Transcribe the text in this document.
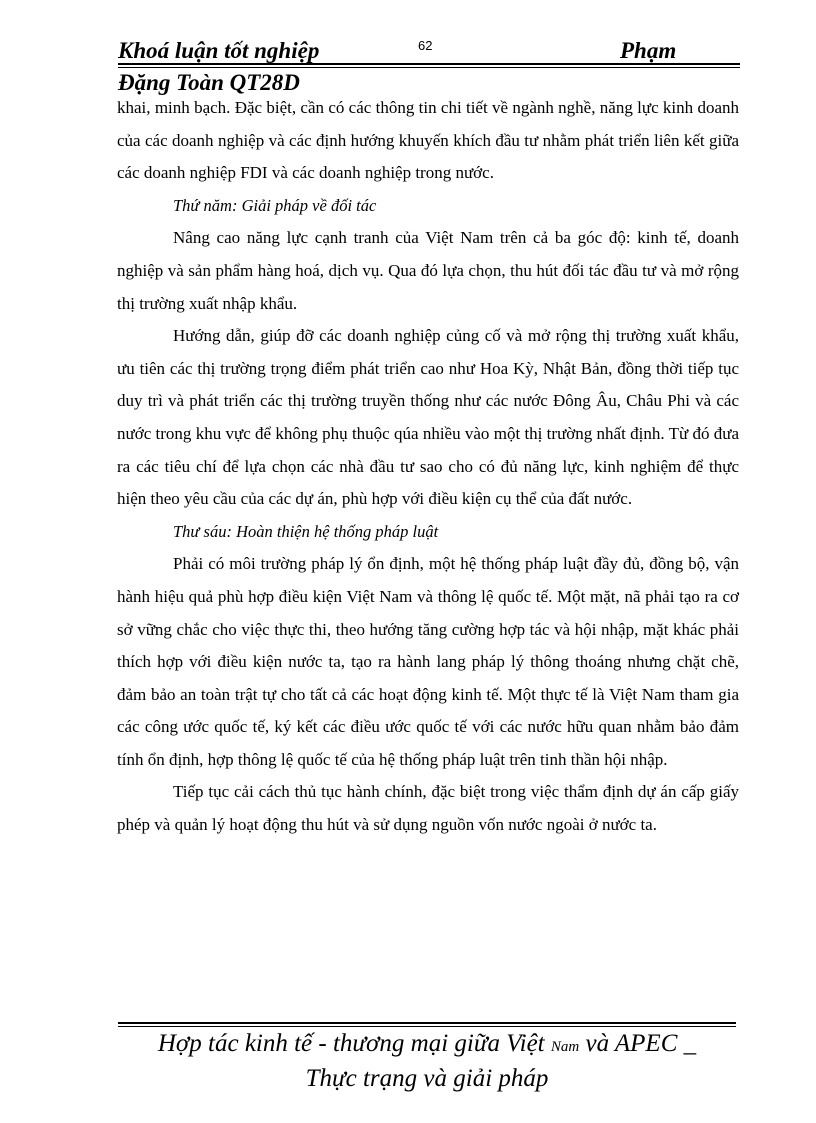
Khoá luận tốt nghiệp	62	Phạm
Đặng Toàn QT28D

khai, minh bạch. Đặc biệt, cần có các thông tin chi tiết về ngành nghề, năng lực kinh doanh của các doanh nghiệp và các định hướng khuyến khích đầu tư nhằm phát triển liên kết giữa các doanh nghiệp FDI và các doanh nghiệp trong nước.

Thứ năm: Giải pháp về đối tác

Nâng cao năng lực cạnh tranh của Việt Nam trên cả ba góc độ: kinh tế, doanh nghiệp và sản phẩm hàng hoá, dịch vụ. Qua đó lựa chọn, thu hút đối tác đầu tư và mở rộng thị trường xuất nhập khẩu.

Hướng dẫn, giúp đỡ các doanh nghiệp củng cố và mở rộng thị trường xuất khẩu, ưu tiên các thị trường trọng điểm phát triển cao như Hoa Kỳ, Nhật Bản, đồng thời tiếp tục duy trì và phát triển các thị trường truyền thống như các nước Đông Âu, Châu Phi và các nước trong khu vực để không phụ thuộc qúa nhiều vào một thị trường nhất định. Từ đó đưa ra các tiêu chí để lựa chọn các nhà đầu tư sao cho có đủ năng lực, kinh nghiệm để thực hiện theo yêu cầu của các dự án, phù hợp với điều kiện cụ thể của đất nước.

Thư sáu: Hoàn thiện hệ thống pháp luật

Phải có môi trường pháp lý ổn định, một hệ thống pháp luật đầy đủ, đồng bộ, vận hành hiệu quả phù hợp điều kiện Việt Nam và thông lệ quốc tế. Một mặt, nã phải tạo ra cơ sở vững chắc cho việc thực thi, theo hướng tăng cường hợp tác và hội nhập, mặt khác phải thích hợp với điều kiện nước ta, tạo ra hành lang pháp lý thông thoáng nhưng chặt chẽ, đảm bảo an toàn trật tự cho tất cả các hoạt động kinh tế. Một thực tế là Việt Nam tham gia các công ước quốc tế, ký kết các điều ước quốc tế với các nước hữu quan nhằm bảo đảm tính ổn định, hợp thông lệ quốc tế của hệ thống pháp luật trên tinh thần hội nhập.

Tiếp tục cải cách thủ tục hành chính, đặc biệt trong việc thẩm định dự án cấp giấy phép và quản lý hoạt động thu hút và sử dụng nguồn vốn nước ngoài ở nước ta.

Hợp tác kinh tế - thương mại giữa Việt Nam và APEC _
Thực trạng và giải pháp
